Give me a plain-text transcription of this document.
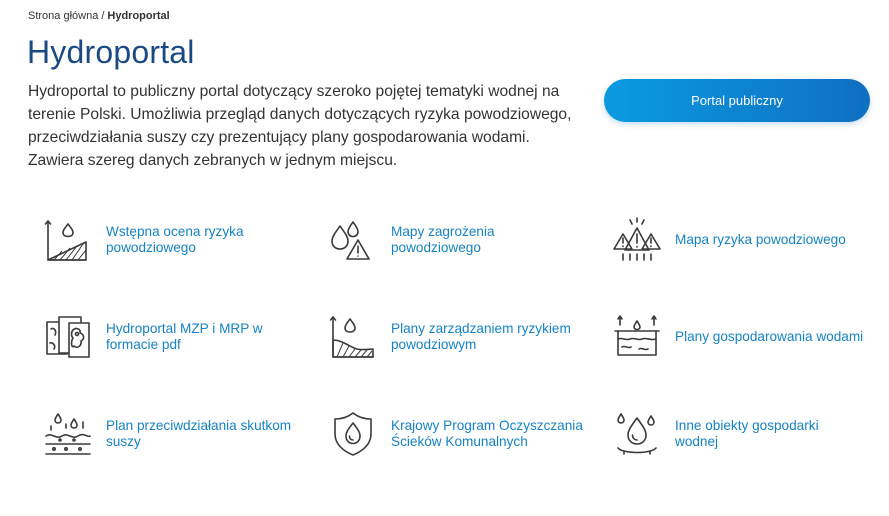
Strona główna / Hydroportal
Hydroportal
Hydroportal to publiczny portal dotyczący szeroko pojętej tematyki wodnej na terenie Polski. Umożliwia przegląd danych dotyczących ryzyka powodziowego, przeciwdziałania suszy czy prezentujący plany gospodarowania wodami. Zawiera szereg danych zebranych w jednym miejscu.
Portal publiczny
Wstępna ocena ryzyka powodziowego
Mapy zagrożenia powodziowego
Mapa ryzyka powodziowego
Hydroportal MZP i MRP w formacie pdf
Plany zarządzaniem ryzykiem powodziowym
Plany gospodarowania wodami
Plan przeciwdziałania skutkom suszy
Krajowy Program Oczyszczania Ścieków Komunalnych
Inne obiekty gospodarki wodnej
